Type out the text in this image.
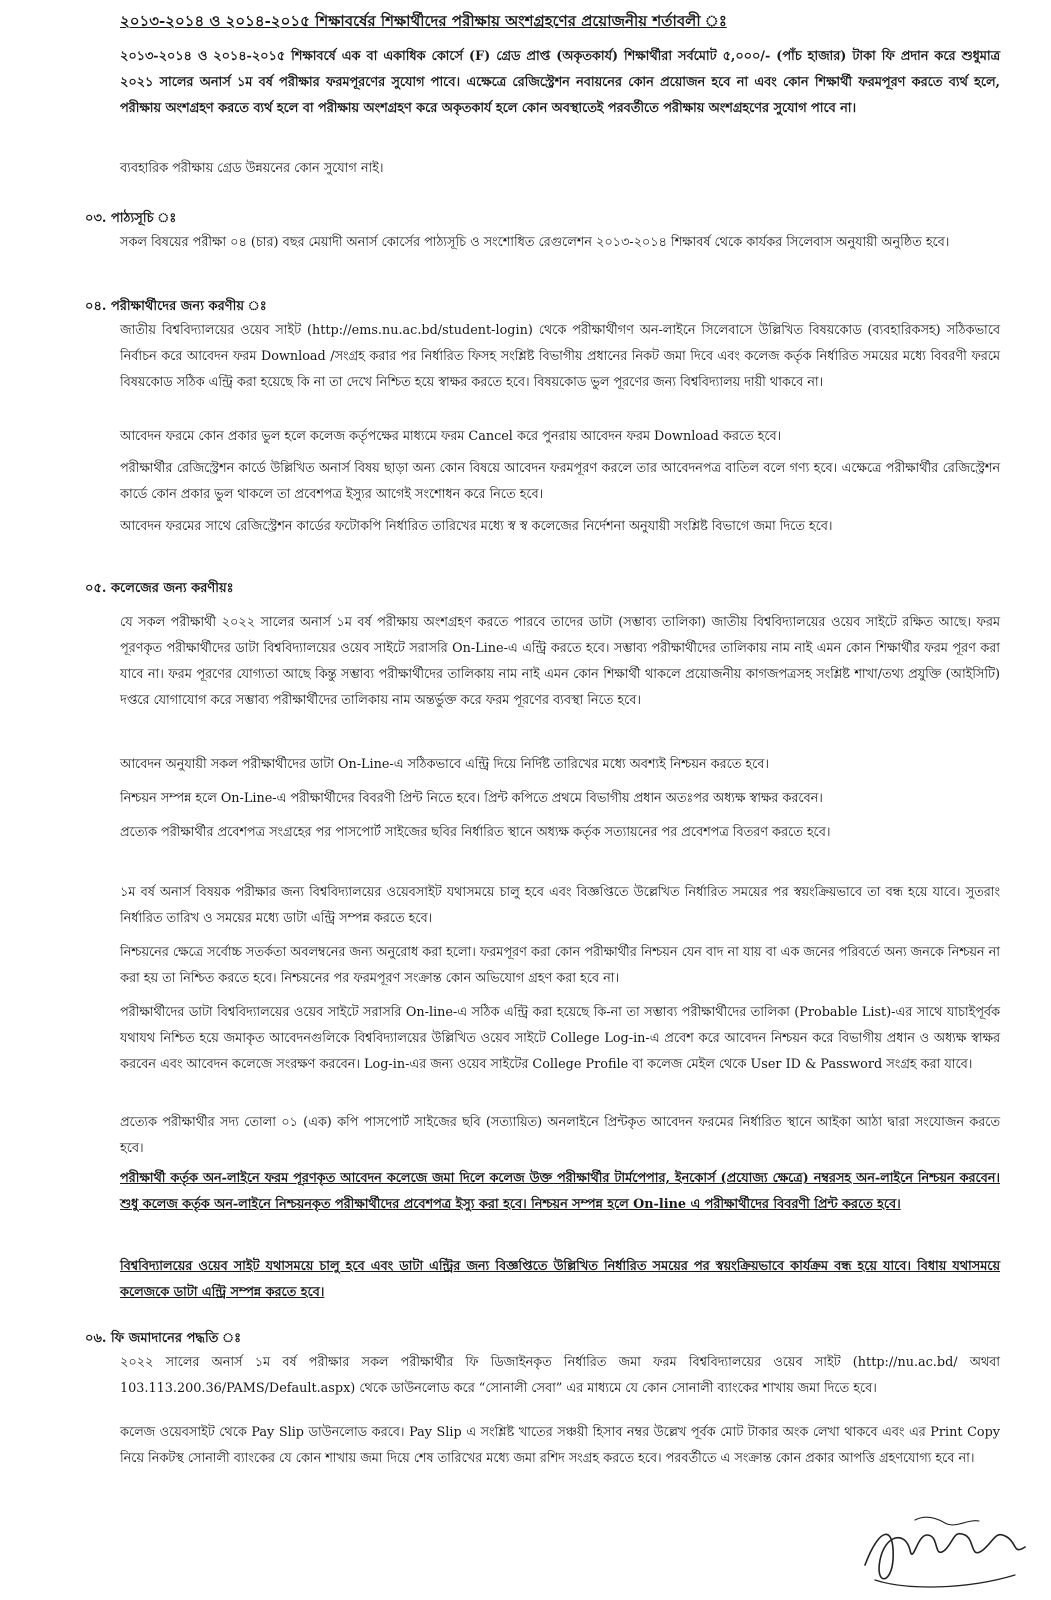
২০১৩-২০১৪ ও ২০১৪-২০১৫ শিক্ষাবর্ষের শিক্ষার্থীদের পরীক্ষায় অংশগ্রহণের প্রয়োজনীয় শর্তাবলী ঃ

২০১৩-২০১৪ ও ২০১৪-২০১৫ শিক্ষাবর্ষে এক বা একাধিক কোর্সে (F) গ্রেড প্রাপ্ত (অকৃতকার্য) শিক্ষার্থীরা সর্বমোট ৫,০০০/- (পাঁচ হাজার) টাকা ফি প্রদান করে শুধুমাত্র ২০২১ সালের অনার্স ১ম বর্ষ পরীক্ষার ফরমপূরণের সুযোগ পাবে। এক্ষেত্রে রেজিস্ট্রেশন নবায়নের কোন প্রয়োজন হবে না এবং কোন শিক্ষার্থী ফরমপূরণ করতে ব্যর্থ হলে, পরীক্ষায় অংশগ্রহণ করতে ব্যর্থ হলে বা পরীক্ষায় অংশগ্রহণ করে অকৃতকার্য হলে কোন অবস্থাতেই পরবর্তীতে পরীক্ষায় অংশগ্রহণের সুযোগ পাবে না।

ব্যবহারিক পরীক্ষায় গ্রেড উন্নয়নের কোন সুযোগ নাই।

০৩. পাঠ্যসূচি ঃ

সকল বিষয়ের পরীক্ষা ০৪ (চার) বছর মেয়াদী অনার্স কোর্সের পাঠ্যসূচি ও সংশোধিত রেগুলেশন ২০১৩-২০১৪ শিক্ষাবর্ষ থেকে কার্যকর সিলেবাস অনুযায়ী অনুষ্ঠিত হবে।

০৪. পরীক্ষার্থীদের জন্য করণীয় ঃ

জাতীয় বিশ্ববিদ্যালয়ের ওয়েব সাইট (http://ems.nu.ac.bd/student-login) থেকে পরীক্ষার্থীগণ অন-লাইনে সিলেবাসে উল্লিখিত বিষয়কোড (ব্যবহারিকসহ) সঠিকভাবে নির্বাচন করে আবেদন ফরম Download /সংগ্রহ করার পর নির্ধারিত ফিসহ সংশ্লিষ্ট বিভাগীয় প্রধানের নিকট জমা দিবে এবং কলেজ কর্তৃক নির্ধারিত সময়ের মধ্যে বিবরণী ফরমে বিষয়কোড সঠিক এন্ট্রি করা হয়েছে কি না তা দেখে নিশ্চিত হয়ে স্বাক্ষর করতে হবে। বিষয়কোড ভুল পূরণের জন্য বিশ্ববিদ্যালয় দায়ী থাকবে না।

আবেদন ফরমে কোন প্রকার ভুল হলে কলেজ কর্তৃপক্ষের মাধ্যমে ফরম Cancel করে পুনরায় আবেদন ফরম Download করতে হবে।

পরীক্ষার্থীর রেজিস্ট্রেশন কার্ডে উল্লিখিত অনার্স বিষয় ছাড়া অন্য কোন বিষয়ে আবেদন ফরমপূরণ করলে তার আবেদনপত্র বাতিল বলে গণ্য হবে। এক্ষেত্রে পরীক্ষার্থীর রেজিস্ট্রেশন কার্ডে কোন প্রকার ভুল থাকলে তা প্রবেশপত্র ইস্যুর আগেই সংশোধন করে নিতে হবে।

আবেদন ফরমের সাথে রেজিস্ট্রেশন কার্ডের ফটোকপি নির্ধারিত তারিখের মধ্যে স্ব স্ব কলেজের নির্দেশনা অনুযায়ী সংশ্লিষ্ট বিভাগে জমা দিতে হবে।

০৫. কলেজের জন্য করণীয়ঃ

যে সকল পরীক্ষার্থী ২০২২ সালের অনার্স ১ম বর্ষ পরীক্ষায় অংশগ্রহণ করতে পারবে তাদের ডাটা (সম্ভাব্য তালিকা) জাতীয় বিশ্ববিদ্যালয়ের ওয়েব সাইটে রক্ষিত আছে। ফরম পূরণকৃত পরীক্ষার্থীদের ডাটা বিশ্ববিদ্যালয়ের ওয়েব সাইটে সরাসরি On-Line-এ এন্ট্রি করতে হবে। সম্ভাব্য পরীক্ষার্থীদের তালিকায় নাম নাই এমন কোন শিক্ষার্থীর ফরম পূরণ করা যাবে না। ফরম পূরণের যোগ্যতা আছে কিন্তু সম্ভাব্য পরীক্ষার্থীদের তালিকায় নাম নাই এমন কোন শিক্ষার্থী থাকলে প্রয়োজনীয় কাগজপত্রসহ সংশ্লিষ্ট শাখা/তথ্য প্রযুক্তি (আইসিটি) দপ্তরে যোগাযোগ করে সম্ভাব্য পরীক্ষার্থীদের তালিকায় নাম অন্তর্ভুক্ত করে ফরম পূরণের ব্যবস্থা নিতে হবে।

আবেদন অনুযায়ী সকল পরীক্ষার্থীদের ডাটা On-Line-এ সঠিকভাবে এন্ট্রি দিয়ে নির্দিষ্ট তারিখের মধ্যে অবশ্যই নিশ্চয়ন করতে হবে।

নিশ্চয়ন সম্পন্ন হলে On-Line-এ পরীক্ষার্থীদের বিবরণী প্রিন্ট নিতে হবে। প্রিন্ট কপিতে প্রথমে বিভাগীয় প্রধান অতঃপর অধ্যক্ষ স্বাক্ষর করবেন।

প্রত্যেক পরীক্ষার্থীর প্রবেশপত্র সংগ্রহের পর পাসপোর্ট সাইজের ছবির নির্ধারিত স্থানে অধ্যক্ষ কর্তৃক সত্যায়নের পর প্রবেশপত্র বিতরণ করতে হবে।

১ম বর্ষ অনার্স বিষয়ক পরীক্ষার জন্য বিশ্ববিদ্যালয়ের ওয়েবসাইট যথাসময়ে চালু হবে এবং বিজ্ঞপ্তিতে উল্লেখিত নির্ধারিত সময়ের পর স্বয়ংক্রিয়ভাবে তা বন্ধ হয়ে যাবে। সুতরাং নির্ধারিত তারিখ ও সময়ের মধ্যে ডাটা এন্ট্রি সম্পন্ন করতে হবে।

নিশ্চয়নের ক্ষেত্রে সর্বোচ্চ সতর্কতা অবলম্বনের জন্য অনুরোধ করা হলো। ফরমপূরণ করা কোন পরীক্ষার্থীর নিশ্চয়ন যেন বাদ না যায় বা এক জনের পরিবর্তে অন্য জনকে নিশ্চয়ন না করা হয় তা নিশ্চিত করতে হবে। নিশ্চয়নের পর ফরমপূরণ সংক্রান্ত কোন অভিযোগ গ্রহণ করা হবে না।

পরীক্ষার্থীদের ডাটা বিশ্ববিদ্যালয়ের ওয়েব সাইটে সরাসরি On-line-এ সঠিক এন্ট্রি করা হয়েছে কি-না তা সম্ভাব্য পরীক্ষার্থীদের তালিকা (Probable List)-এর সাথে যাচাইপূর্বক যথাযথ নিশ্চিত হয়ে জমাকৃত আবেদনগুলিকে বিশ্ববিদ্যালয়ের উল্লিখিত ওয়েব সাইটে College Log-in-এ প্রবেশ করে আবেদন নিশ্চয়ন করে বিভাগীয় প্রধান ও অধ্যক্ষ স্বাক্ষর করবেন এবং আবেদন কলেজে সংরক্ষণ করবেন। Log-in-এর জন্য ওয়েব সাইটের College Profile বা কলেজ মেইল থেকে User ID & Password সংগ্রহ করা যাবে।

প্রত্যেক পরীক্ষার্থীর সদ্য তোলা ০১ (এক) কপি পাসপোর্ট সাইজের ছবি (সত্যায়িত) অনলাইনে প্রিন্টকৃত আবেদন ফরমের নির্ধারিত স্থানে আইকা আঠা দ্বারা সংযোজন করতে হবে।

পরীক্ষার্থী কর্তৃক অন-লাইনে ফরম পূরণকৃত আবেদন কলেজে জমা দিলে কলেজ উক্ত পরীক্ষার্থীর টার্মপেপার, ইনকোর্স (প্রযোজ্য ক্ষেত্রে) নম্বরসহ অন-লাইনে নিশ্চয়ন করবেন। শুধু কলেজ কর্তৃক অন-লাইনে নিশ্চয়নকৃত পরীক্ষার্থীদের প্রবেশপত্র ইস্যু করা হবে। নিশ্চয়ন সম্পন্ন হলে On-line এ পরীক্ষার্থীদের বিবরণী প্রিন্ট করতে হবে।

বিশ্ববিদ্যালয়ের ওয়েব সাইট যথাসময়ে চালু হবে এবং ডাটা এন্ট্রির জন্য বিজ্ঞপ্তিতে উল্লিখিত নির্ধারিত সময়ের পর স্বয়ংক্রিয়ভাবে কার্যক্রম বন্ধ হয়ে যাবে। বিধায় যথাসময়ে কলেজকে ডাটা এন্ট্রি সম্পন্ন করতে হবে।

০৬. ফি জমাদানের পদ্ধতি ঃ

২০২২ সালের অনার্স ১ম বর্ষ পরীক্ষার সকল পরীক্ষার্থীর ফি ডিজাইনকৃত নির্ধারিত জমা ফরম বিশ্ববিদ্যালয়ের ওয়েব সাইট (http://nu.ac.bd/ অথবা 103.113.200.36/PAMS/Default.aspx) থেকে ডাউনলোড করে “সোনালী সেবা” এর মাধ্যমে যে কোন সোনালী ব্যাংকের শাখায় জমা দিতে হবে।

কলেজ ওয়েবসাইট থেকে Pay Slip ডাউনলোড করবে। Pay Slip এ সংশ্লিষ্ট খাতের সঞ্চয়ী হিসাব নম্বর উল্লেখ পূর্বক মোট টাকার অংক লেখা থাকবে এবং এর Print Copy নিয়ে নিকটস্থ সোনালী ব্যাংকের যে কোন শাখায় জমা দিয়ে শেষ তারিখের মধ্যে জমা রশিদ সংগ্রহ করতে হবে। পরবর্তীতে এ সংক্রান্ত কোন প্রকার আপত্তি গ্রহণযোগ্য হবে না।
